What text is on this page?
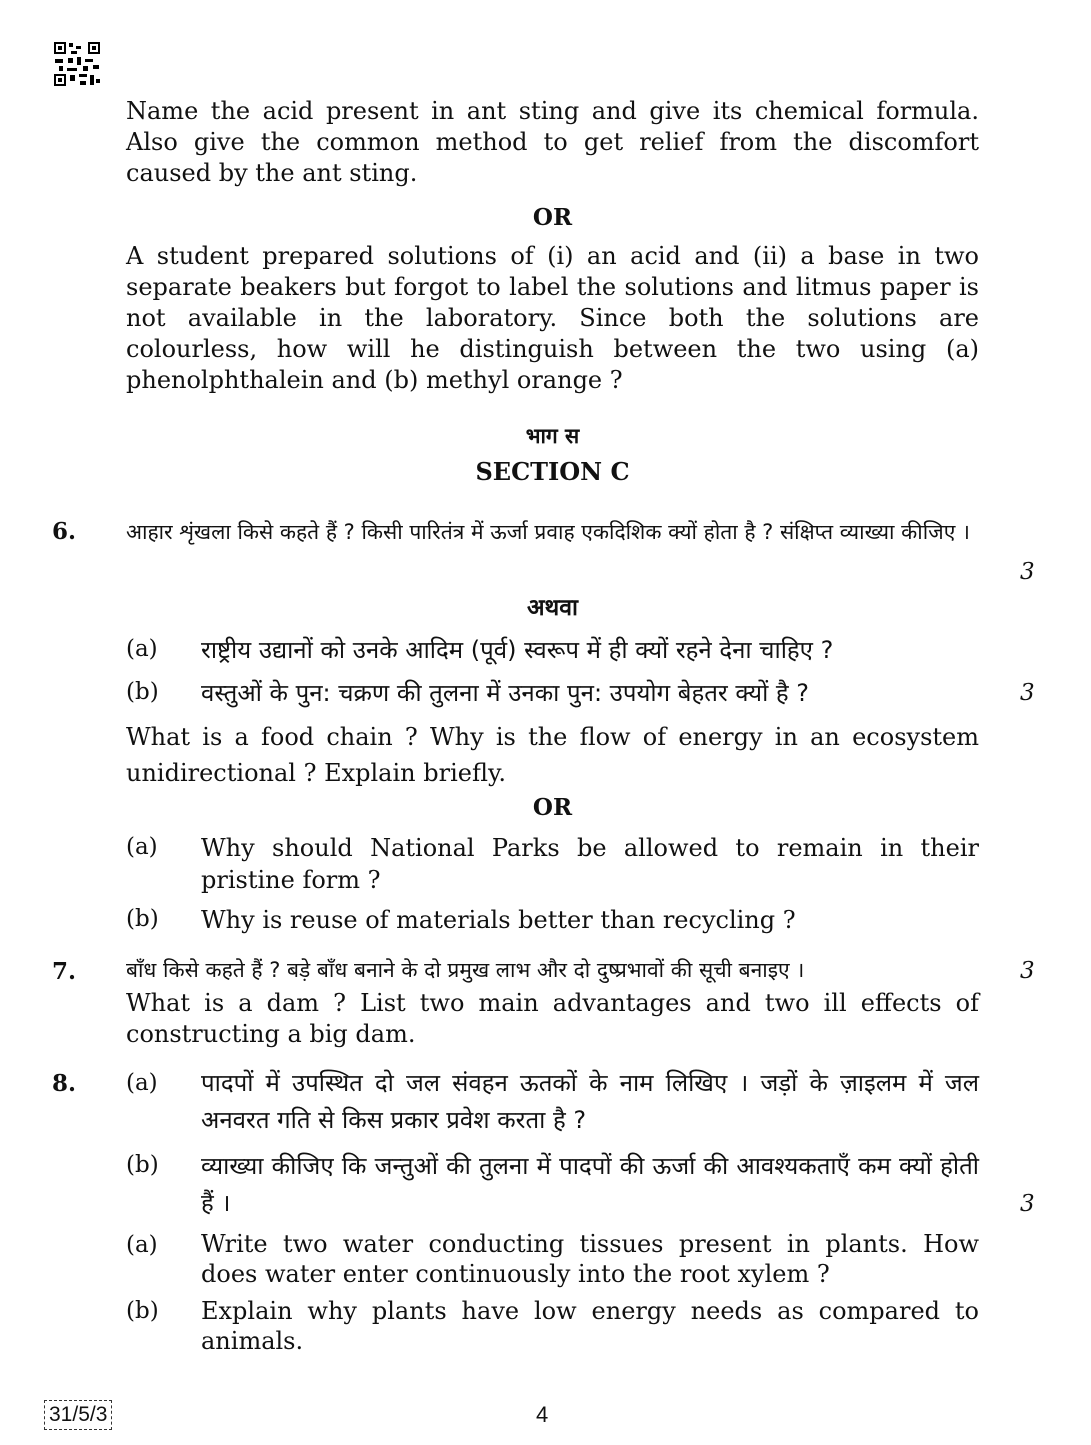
Name the acid present in ant sting and give its chemical formula. Also give the common method to get relief from the discomfort caused by the ant sting.
OR
A student prepared solutions of (i) an acid and (ii) a base in two separate beakers but forgot to label the solutions and litmus paper is not available in the laboratory. Since both the solutions are colourless, how will he distinguish between the two using (a) phenolphthalein and (b) methyl orange ?
भाग स
SECTION C
6. आहार शृंखला किसे कहते हैं ? किसी पारितंत्र में ऊर्जा प्रवाह एकदिशिक क्यों होता है ? संक्षिप्त व्याख्या कीजिए ।
3
अथवा
(a) राष्ट्रीय उद्यानों को उनके आदिम (पूर्व) स्वरूप में ही क्यों रहने देना चाहिए ?
(b) वस्तुओं के पुन: चक्रण की तुलना में उनका पुन: उपयोग बेहतर क्यों है ?	3
What is a food chain ? Why is the flow of energy in an ecosystem unidirectional ? Explain briefly.
OR
(a) Why should National Parks be allowed to remain in their pristine form ?
(b) Why is reuse of materials better than recycling ?
7. बाँध किसे कहते हैं ? बड़े बाँध बनाने के दो प्रमुख लाभ और दो दुष्प्रभावों की सूची बनाइए ।	3
What is a dam ? List two main advantages and two ill effects of constructing a big dam.
8. (a) पादपों में उपस्थित दो जल संवहन ऊतकों के नाम लिखिए । जड़ों के ज़ाइलम में जल अनवरत गति से किस प्रकार प्रवेश करता है ?
(b) व्याख्या कीजिए कि जन्तुओं की तुलना में पादपों की ऊर्जा की आवश्यकताएँ कम क्यों होती हैं ।	3
(a) Write two water conducting tissues present in plants. How does water enter continuously into the root xylem ?
(b) Explain why plants have low energy needs as compared to animals.
31/5/3	4
